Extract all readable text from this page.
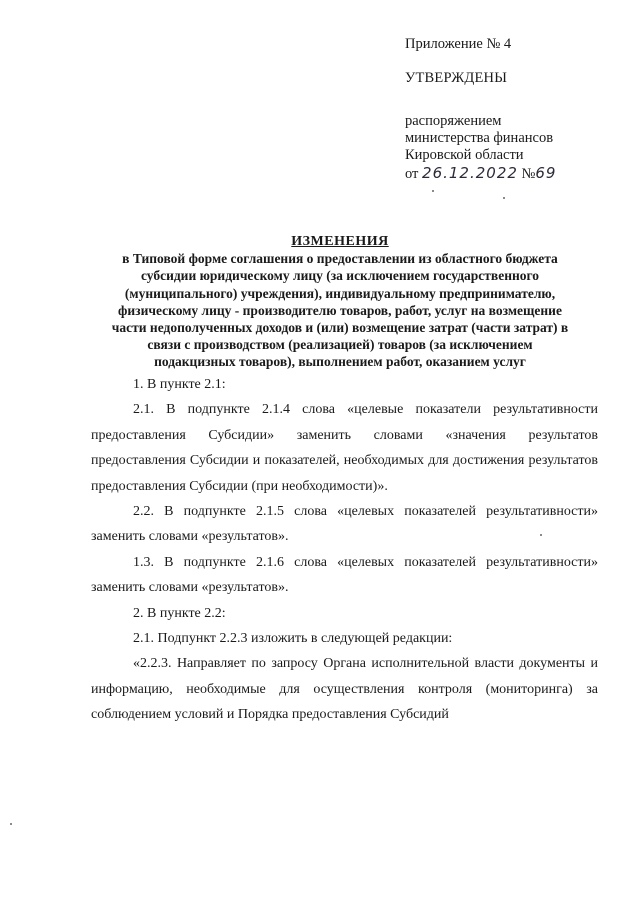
Приложение № 4
УТВЕРЖДЕНЫ
распоряжением
министерства финансов
Кировской области
от 26.12.2022 №69
ИЗМЕНЕНИЯ
в Типовой форме соглашения о предоставлении из областного бюджета субсидии юридическому лицу (за исключением государственного (муниципального) учреждения), индивидуальному предпринимателю, физическому лицу - производителю товаров, работ, услуг на возмещение части недополученных доходов и (или) возмещение затрат (части затрат) в связи с производством (реализацией) товаров (за исключением подакцизных товаров), выполнением работ, оказанием услуг

1. В пункте 2.1:

2.1. В подпункте 2.1.4 слова «целевые показатели результативности предоставления Субсидии» заменить словами «значения результатов предоставления Субсидии и показателей, необходимых для достижения результатов предоставления Субсидии (при необходимости)».

2.2. В подпункте 2.1.5 слова «целевых показателей результативности» заменить словами «результатов».

1.3. В подпункте 2.1.6 слова «целевых показателей результативности» заменить словами «результатов».

2. В пункте 2.2:

2.1. Подпункт 2.2.3 изложить в следующей редакции:

«2.2.3. Направляет по запросу Органа исполнительной власти документы и информацию, необходимые для осуществления контроля (мониторинга) за соблюдением условий и Порядка предоставления Субсидий
